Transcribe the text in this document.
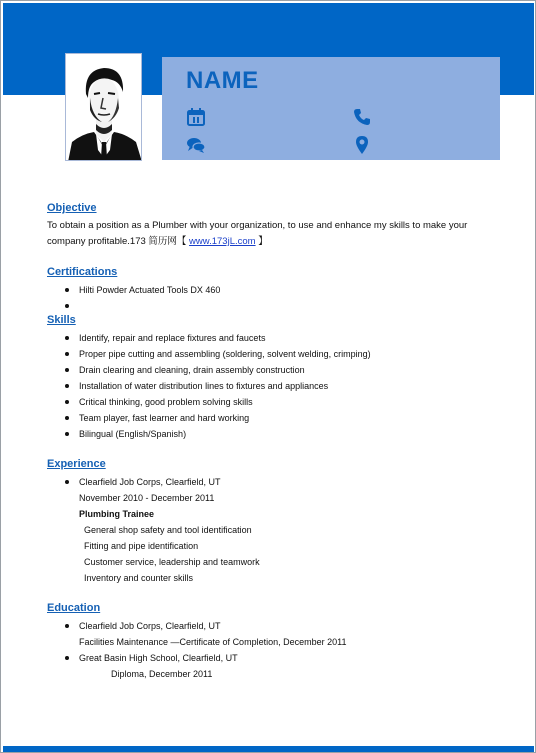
NAME
Objective
To obtain a position as a Plumber with your organization, to use and enhance my skills to make your company profitable.173 简历网【 www.173jL.com 】
Certifications
Hilti Powder Actuated Tools DX 460
Skills
Identify, repair and replace fixtures and faucets
Proper pipe cutting and assembling (soldering, solvent welding, crimping)
Drain clearing and cleaning, drain assembly construction
Installation of water distribution lines to fixtures and appliances
Critical thinking, good problem solving skills
Team player, fast learner and hard working
Bilingual (English/Spanish)
Experience
Clearfield Job Corps, Clearfield, UT
November 2010 - December 2011
Plumbing Trainee
General shop safety and tool identification
Fitting and pipe identification
Customer service, leadership and teamwork
Inventory and counter skills
Education
Clearfield Job Corps, Clearfield, UT
Facilities Maintenance —Certificate of Completion, December 2011
Great Basin High School, Clearfield, UT
Diploma, December 2011
